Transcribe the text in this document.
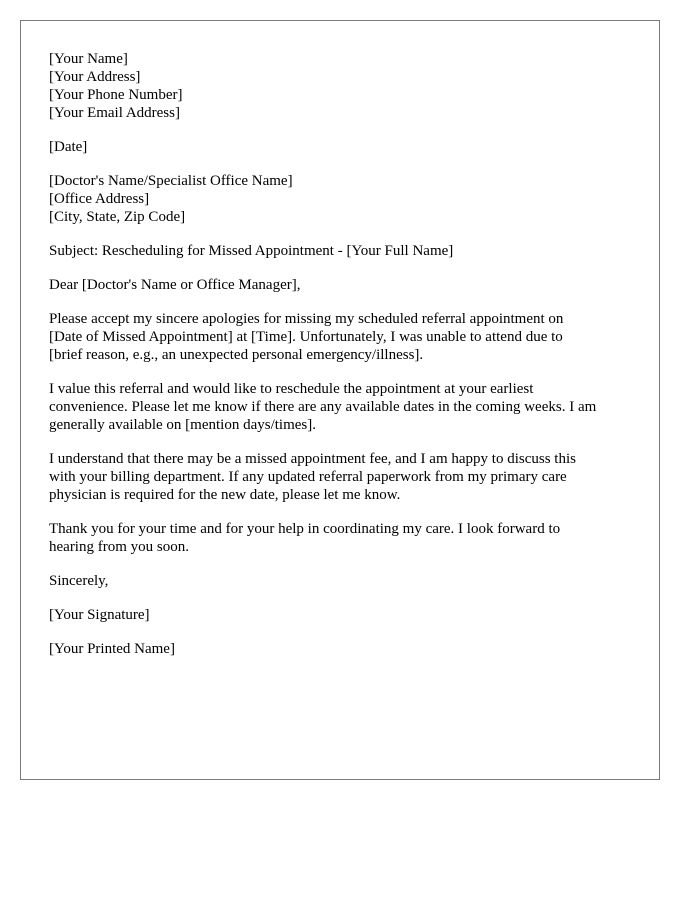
[Your Name]
[Your Address]
[Your Phone Number]
[Your Email Address]
[Date]
[Doctor's Name/Specialist Office Name]
[Office Address]
[City, State, Zip Code]
Subject: Rescheduling for Missed Appointment - [Your Full Name]
Dear [Doctor's Name or Office Manager],

Please accept my sincere apologies for missing my scheduled referral appointment on
[Date of Missed Appointment] at [Time]. Unfortunately, I was unable to attend due to
[brief reason, e.g., an unexpected personal emergency/illness].

I value this referral and would like to reschedule the appointment at your earliest
convenience. Please let me know if there are any available dates in the coming weeks. I am
generally available on [mention days/times].

I understand that there may be a missed appointment fee, and I am happy to discuss this
with your billing department. If any updated referral paperwork from my primary care
physician is required for the new date, please let me know.

Thank you for your time and for your help in coordinating my care. I look forward to
hearing from you soon.

Sincerely,
[Your Signature]
[Your Printed Name]
